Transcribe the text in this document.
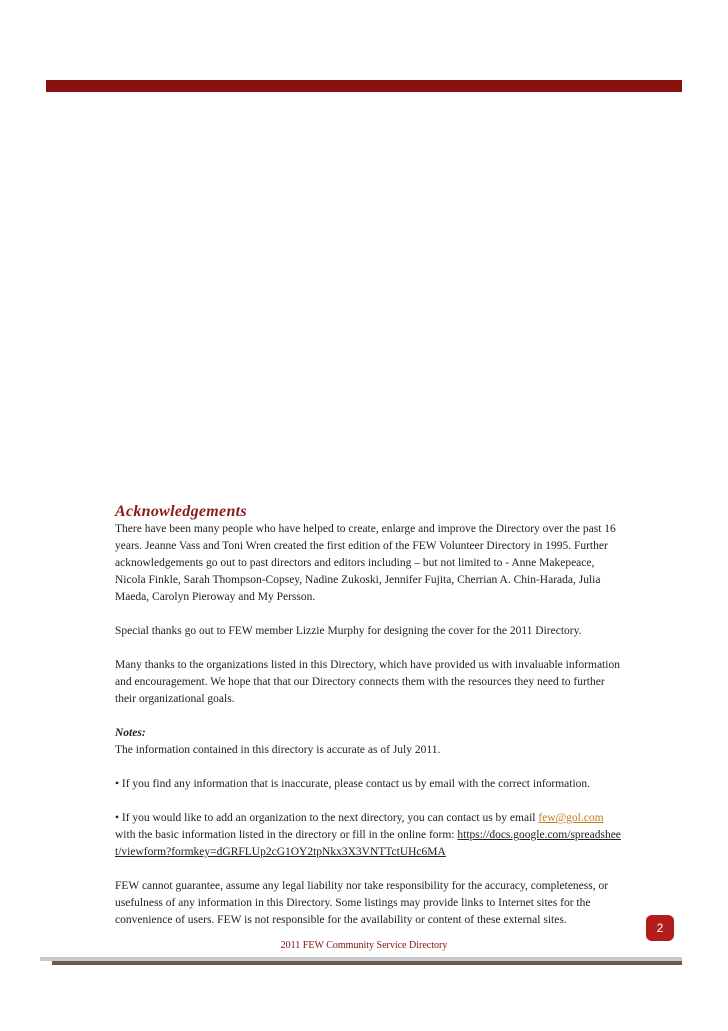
Acknowledgements

There have been many people who have helped to create, enlarge and improve the Directory over the past 16 years. Jeanne Vass and Toni Wren created the first edition of the FEW Volunteer Directory in 1995. Further acknowledgements go out to past directors and editors including – but not limited to - Anne Makepeace, Nicola Finkle, Sarah Thompson-Copsey, Nadine Zukoski, Jennifer Fujita, Cherrian A. Chin-Harada, Julia Maeda, Carolyn Pieroway and My Persson.

Special thanks go out to FEW member Lizzie Murphy for designing the cover for the 2011 Directory.

Many thanks to the organizations listed in this Directory, which have provided us with invaluable information and encouragement. We hope that that our Directory connects them with the resources they need to further their organizational goals.

Notes:

The information contained in this directory is accurate as of July 2011.

• If you find any information that is inaccurate, please contact us by email with the correct information.

• If you would like to add an organization to the next directory, you can contact us by email few@gol.com with the basic information listed in the directory or fill in the online form: https://docs.google.com/spreadsheet/viewform?formkey=dGRFLUp2cG1OY2tpNkx3X3VNTTctUHc6MA

FEW cannot guarantee, assume any legal liability nor take responsibility for the accuracy, completeness, or usefulness of any information in this Directory. Some listings may provide links to Internet sites for the convenience of users. FEW is not responsible for the availability or content of these external sites.

2
2011 FEW Community Service Directory
